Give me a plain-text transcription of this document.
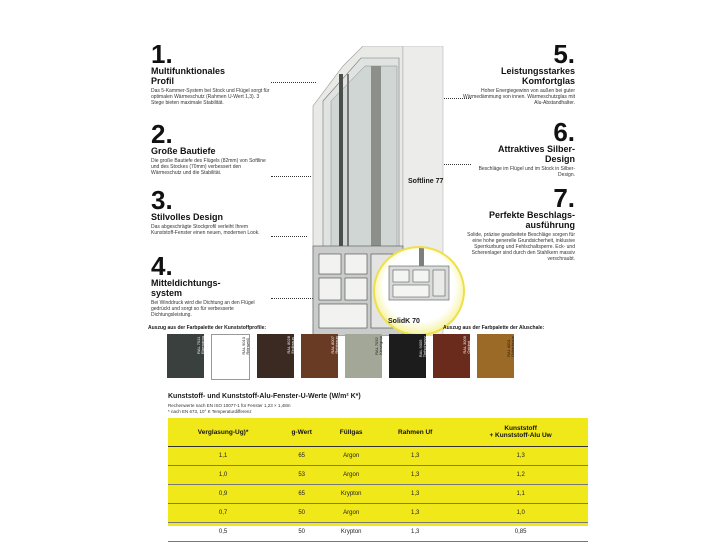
1.
Multifunktionales
Profil
Das 5-Kammer-System bei Stock und Flügel sorgt für optimalen Wärmeschutz (Rahmen U-Wert 1,3). 3 Stege bieten maximale Stabilität.
2.
Große Bautiefe
Die große Bautiefe des Flügels (82mm) von Softline und des Stockes (70mm) verbessert den Wärmeschutz und die Stabilität.
3.
Stilvolles Design
Das abgeschrägte Stockprofil verleiht Ihrem Kunststoff-Fenster einen neuen, modernen Look.
4.
Mitteldichtungs-
system
Bei Winddruck wird die Dichtung an den Flügel gedrückt und sorgt so für verbesserte Dichtungsleistung.
5.
Leistungsstarkes
Komfortglas
Hoher Energiegewinn von außen bei guter Wärmedämmung von innen. Wärmeschutzglas mit Alu-Abstandhalter.
6.
Attraktives Silber-
Design
Beschläge im Flügel und im Stock in Silber-Design.
7.
Perfekte Beschlags-
ausführung
Solide, präzise gearbeitete Beschläge sorgen für eine hohe generelle Grundsicherheit, inklusive Sperrkurbung und Fehlschaltsperre. Eck- und Scherenlager sind durch den Stahlkern massiv verschraubt.
Softline 77
SolidK 70
Auszug aus der Farbpalette der Kunststoffprofile:	Auszug aus der Farbpalette der Aluschale:
RAL 7011
Eisengrau	RAL 9010
Reinweiß	RAL 8028
Erdbraun	RAL 8007
Rehbraun	RAL 7032
Kieselgrau	RAL 9005
Tiefschwarz	RAL 3009
Oxidrot	RAL 8001
Ockerbraun
Kunststoff- und Kunststoff-Alu-Fenster-U-Werte (W/m² K*)
Rechenwerte nach EN ISO 10077-1 für Fenster 1,23 × 1,48m
* nach EN 673, 10° K Temperaturdifferenz
Verglasung-Ug)*	g-Wert	Füllgas	Rahmen Uf	Kunststoff
+ Kunststoff-Alu Uw
1,1	65	Argon	1,3	1,3
1,0	53	Argon	1,3	1,2
0,9	65	Krypton	1,3	1,1
0,7	50	Argon	1,3	1,0
0,5	50	Krypton	1,3	0,85
